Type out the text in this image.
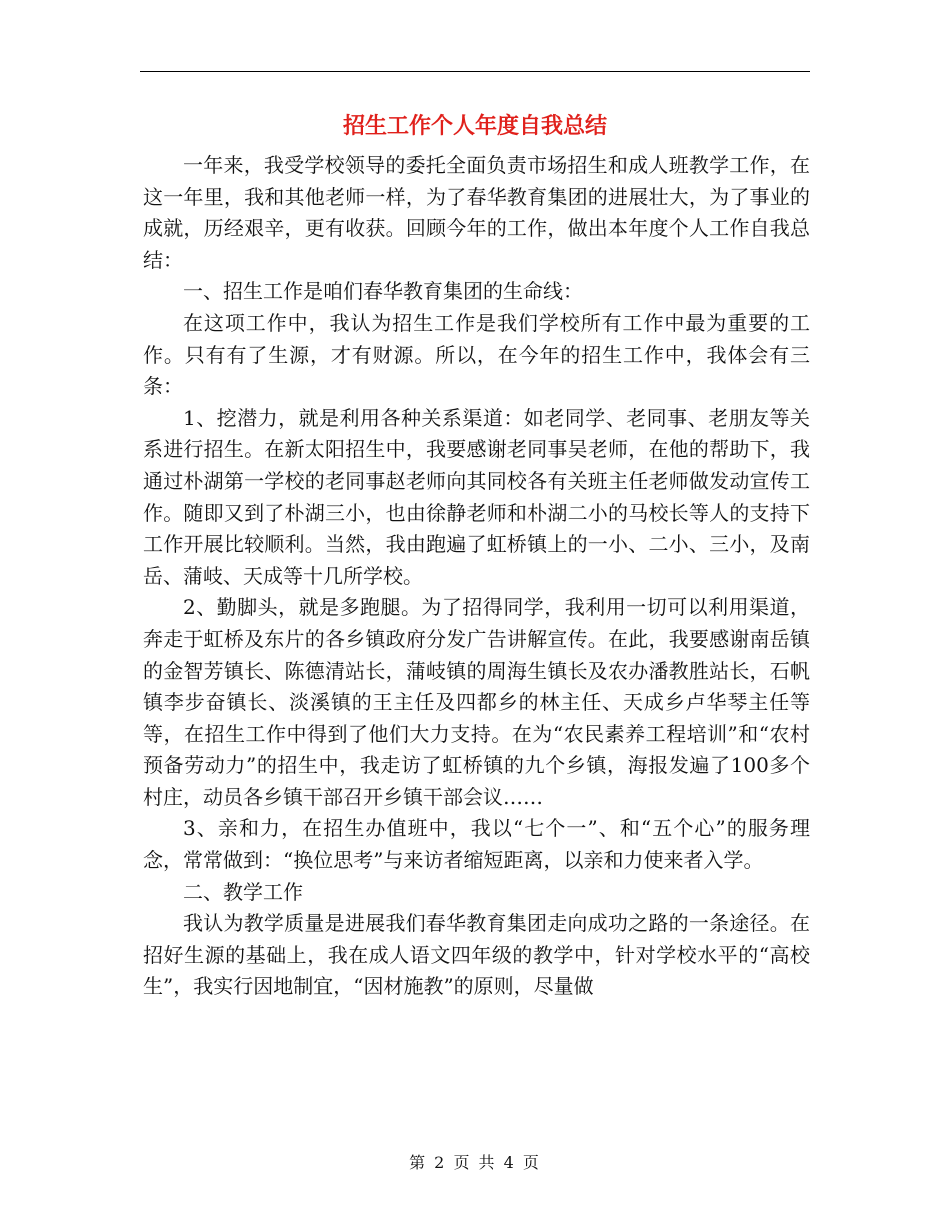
招生工作个人年度自我总结

一年来，我受学校领导的委托全面负责市场招生和成人班教学工作，在这一年里，我和其他老师一样，为了春华教育集团的进展壮大，为了事业的成就，历经艰辛，更有收获。回顾今年的工作，做出本年度个人工作自我总结：

一、招生工作是咱们春华教育集团的生命线：

在这项工作中，我认为招生工作是我们学校所有工作中最为重要的工作。只有有了生源，才有财源。所以，在今年的招生工作中，我体会有三条：

1、挖潜力，就是利用各种关系渠道：如老同学、老同事、老朋友等关系进行招生。在新太阳招生中，我要感谢老同事吴老师，在他的帮助下，我通过朴湖第一学校的老同事赵老师向其同校各有关班主任老师做发动宣传工作。随即又到了朴湖三小，也由徐静老师和朴湖二小的马校长等人的支持下工作开展比较顺利。当然，我由跑遍了虹桥镇上的一小、二小、三小，及南岳、蒲岐、天成等十几所学校。

2、勤脚头，就是多跑腿。为了招得同学，我利用一切可以利用渠道，奔走于虹桥及东片的各乡镇政府分发广告讲解宣传。在此，我要感谢南岳镇的金智芳镇长、陈德清站长，蒲岐镇的周海生镇长及农办潘教胜站长，石帆镇李步奋镇长、淡溪镇的王主任及四都乡的林主任、天成乡卢华琴主任等等，在招生工作中得到了他们大力支持。在为“农民素养工程培训”和“农村预备劳动力”的招生中，我走访了虹桥镇的九个乡镇，海报发遍了100多个村庄，动员各乡镇干部召开乡镇干部会议……

3、亲和力，在招生办值班中，我以“七个一”、和“五个心”的服务理念，常常做到：“换位思考”与来访者缩短距离，以亲和力使来者入学。

二、教学工作

我认为教学质量是进展我们春华教育集团走向成功之路的一条途径。在招好生源的基础上，我在成人语文四年级的教学中，针对学校水平的“高校生”，我实行因地制宜，“因材施教”的原则，尽量做

第 2 页 共 4 页
